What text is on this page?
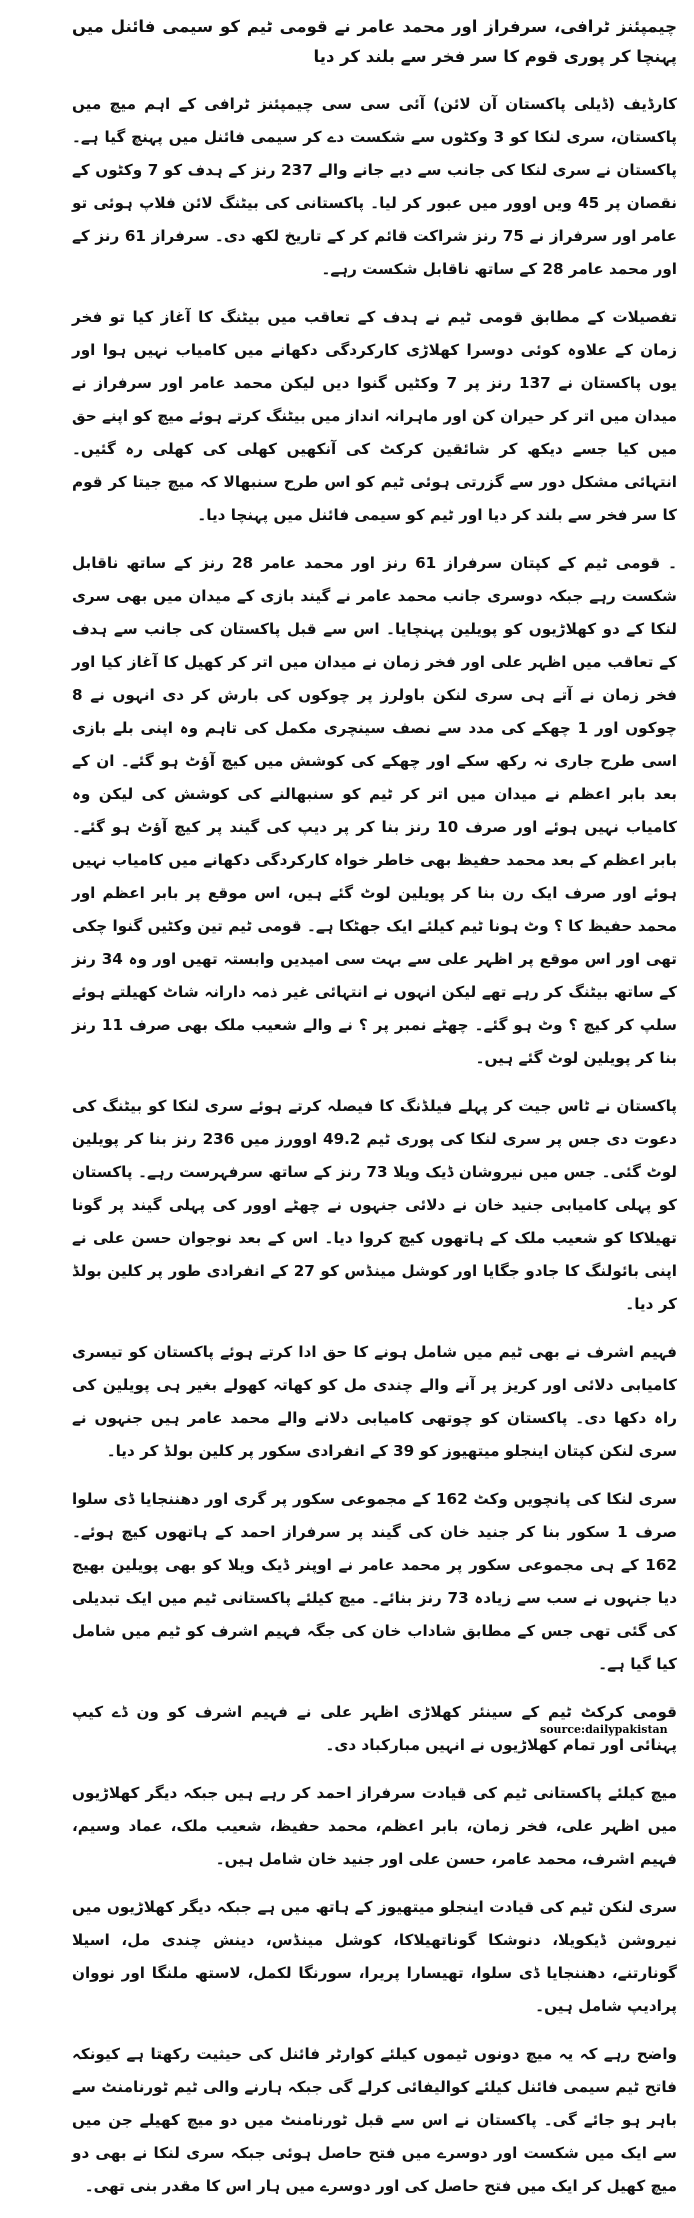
چیمپئنز ٹرافی، سرفراز اور محمد عامر نے قومی ٹیم کو سیمی فائنل میں پہنچا کر پوری قوم کا سر فخر سے بلند کر دیا

کارڈیف (ڈیلی پاکستان آن لائن) آئی سی سی چیمپئنز ٹرافی کے اہم میچ میں پاکستان، سری لنکا کو 3 وکٹوں سے شکست دے کر سیمی فائنل میں پہنچ گیا ہے۔ پاکستان نے سری لنکا کی جانب سے دیے جانے والے 237 رنز کے ہدف کو 7 وکٹوں کے نقصان پر 45 ویں اوور میں عبور کر لیا۔ پاکستانی کی بیٹنگ لائن فلاپ ہوئی تو عامر اور سرفراز نے 75 رنز شراکت قائم کر کے تاریخ لکھ دی۔ سرفراز 61 رنز کے اور محمد عامر 28 کے ساتھ ناقابل شکست رہے۔

تفصیلات کے مطابق قومی ٹیم نے ہدف کے تعاقب میں بیٹنگ کا آغاز کیا تو فخر زمان کے علاوہ کوئی دوسرا کھلاڑی کارکردگی دکھانے میں کامیاب نہیں ہوا اور یوں پاکستان نے 137 رنز پر 7 وکٹیں گنوا دیں لیکن محمد عامر اور سرفراز نے میدان میں اتر کر حیران کن اور ماہرانہ انداز میں بیٹنگ کرتے ہوئے میچ کو اپنے حق میں کیا جسے دیکھ کر شائقین کرکٹ کی آنکھیں کھلی کی کھلی رہ گئیں۔ انتہائی مشکل دور سے گزرتی ہوئی ٹیم کو اس طرح سنبھالا کہ میچ جیتا کر قوم کا سر فخر سے بلند کر دیا اور ٹیم کو سیمی فائنل میں پہنچا دیا۔

۔ قومی ٹیم کے کپتان سرفراز 61 رنز اور محمد عامر 28 رنز کے ساتھ ناقابل شکست رہے جبکہ دوسری جانب محمد عامر نے گیند بازی کے میدان میں بھی سری لنکا کے دو کھلاڑیوں کو پویلین پہنچایا۔ اس سے قبل پاکستان کی جانب سے ہدف کے تعاقب میں اظہر علی اور فخر زمان نے میدان میں اتر کر کھیل کا آغاز کیا اور فخر زمان نے آتے ہی سری لنکن باولرز پر چوکوں کی بارش کر دی انہوں نے 8 چوکوں اور 1 چھکے کی مدد سے نصف سینچری مکمل کی تاہم وہ اپنی بلے بازی اسی طرح جاری نہ رکھ سکے اور چھکے کی کوشش میں کیچ آؤٹ ہو گئے۔ ان کے بعد بابر اعظم نے میدان میں اتر کر ٹیم کو سنبھالنے کی کوشش کی لیکن وہ کامیاب نہیں ہوئے اور صرف 10 رنز بنا کر پر دیپ کی گیند پر کیچ آؤٹ ہو گئے۔ بابر اعظم کے بعد محمد حفیظ بھی خاطر خواہ کارکردگی دکھانے میں کامیاب نہیں ہوئے اور صرف ایک رن بنا کر پویلین لوٹ گئے ہیں، اس موقع پر بابر اعظم اور محمد حفیظ کا ؟ وٹ ہونا ٹیم کیلئے ایک جھٹکا ہے۔ قومی ٹیم تین وکٹیں گنوا چکی تھی اور اس موقع پر اظہر علی سے بہت سی امیدیں وابستہ تھیں اور وہ 34 رنز کے ساتھ بیٹنگ کر رہے تھے لیکن انہوں نے انتہائی غیر ذمہ دارانہ شاٹ کھیلتے ہوئے سلپ کر کیچ ؟ وٹ ہو گئے۔ چھٹے نمبر پر ؟ نے والے شعیب ملک بھی صرف 11 رنز بنا کر پویلین لوٹ گئے ہیں۔

پاکستان نے ٹاس جیت کر پہلے فیلڈنگ کا فیصلہ کرتے ہوئے سری لنکا کو بیٹنگ کی دعوت دی جس پر سری لنکا کی پوری ٹیم 49.2 اوورز میں 236 رنز بنا کر پویلین لوٹ گئی۔ جس میں نیروشان ڈیک ویلا 73 رنز کے ساتھ سرفہرست رہے۔ پاکستان کو پہلی کامیابی جنید خان نے دلائی جنہوں نے چھٹے اوور کی پہلی گیند پر گونا تھیلاکا کو شعیب ملک کے ہاتھوں کیچ کروا دیا۔ اس کے بعد نوجوان حسن علی نے اپنی بائولنگ کا جادو جگایا اور کوشل مینڈس کو 27 کے انفرادی طور پر کلین بولڈ کر دیا۔

فہیم اشرف نے بھی ٹیم میں شامل ہونے کا حق ادا کرتے ہوئے پاکستان کو تیسری کامیابی دلائی اور کریز پر آنے والے چندی مل کو کھاتہ کھولے بغیر ہی پویلین کی راہ دکھا دی۔ پاکستان کو چوتھی کامیابی دلانے والے محمد عامر ہیں جنہوں نے سری لنکن کپتان اینجلو میتھیوز کو 39 کے انفرادی سکور پر کلین بولڈ کر دیا۔

سری لنکا کی پانچویں وکٹ 162 کے مجموعی سکور پر گری اور دھننجایا ڈی سلوا صرف 1 سکور بنا کر جنید خان کی گیند پر سرفراز احمد کے ہاتھوں کیچ ہوئے۔ 162 کے ہی مجموعی سکور پر محمد عامر نے اوپنر ڈیک ویلا کو بھی پویلین بھیج دیا جنہوں نے سب سے زیادہ 73 رنز بنائے۔ میچ کیلئے پاکستانی ٹیم میں ایک تبدیلی کی گئی تھی جس کے مطابق شاداب خان کی جگہ فہیم اشرف کو ٹیم میں شامل کیا گیا ہے۔

قومی کرکٹ ٹیم کے سینئر کھلاڑی اظہر علی نے فہیم اشرف کو ون ڈے کیپ پہنائی اور تمام کھلاڑیوں نے انہیں مبارکباد دی۔

میچ کیلئے پاکستانی ٹیم کی قیادت سرفراز احمد کر رہے ہیں جبکہ دیگر کھلاڑیوں میں اظہر علی، فخر زمان، بابر اعظم، محمد حفیظ، شعیب ملک، عماد وسیم، فہیم اشرف، محمد عامر، حسن علی اور جنید خان شامل ہیں۔

سری لنکن ٹیم کی قیادت اینجلو میتھیوز کے ہاتھ میں ہے جبکہ دیگر کھلاڑیوں میں نیروشن ڈیکویلا، دنوشکا گوناتھیلاکا، کوشل مینڈس، دینش چندی مل، اسیلا گونارتنے، دھننجایا ڈی سلوا، تھیسارا پریرا، سورنگا لکمل، لاستھ ملنگا اور نووان پرادیپ شامل ہیں۔

واضح رہے کہ یہ میچ دونوں ٹیموں کیلئے کوارٹر فائنل کی حیثیت رکھتا ہے کیونکہ فاتح ٹیم سیمی فائنل کیلئے کوالیفائی کرلے گی جبکہ ہارنے والی ٹیم ٹورنامنٹ سے باہر ہو جائے گی۔ پاکستان نے اس سے قبل ٹورنامنٹ میں دو میچ کھیلے جن میں سے ایک میں شکست اور دوسرے میں فتح حاصل ہوئی جبکہ سری لنکا نے بھی دو میچ کھیل کر ایک میں فتح حاصل کی اور دوسرے میں ہار اس کا مقدر بنی تھی۔

source:dailypakistan
